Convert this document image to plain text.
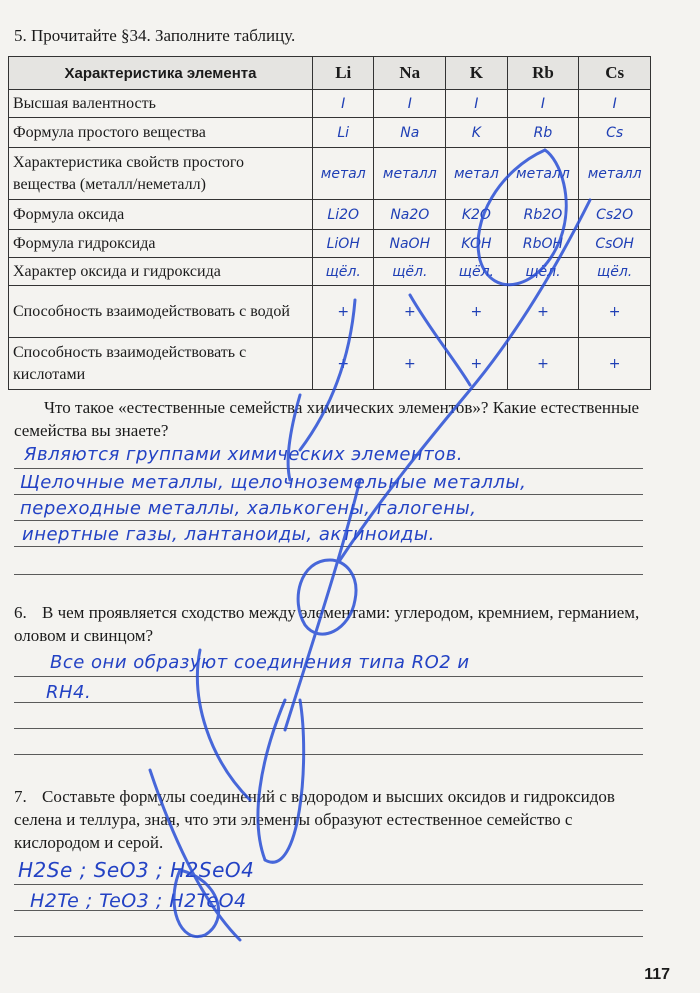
5. Прочитайте §34. Заполните таблицу.
Характеристика элемента	Li	Na	K	Rb	Cs
Высшая валентность	I	I	I	I	I
Формула простого вещества	Li	Na	K	Rb	Cs
Характеристика свойств простого вещества (металл/неметалл)	метал	металл	метал	металл	металл
Формула оксида	Li2O	Na2O	K2O	Rb2O	Cs2O
Формула гидроксида	LiOH	NaOH	KOH	RbOH	CsOH
Характер оксида и гидроксида	щёл.	щёл.	щёл.	щёл.	щёл.
Способность взаимодействовать с водой	+	+	+	+	+
Способность взаимодействовать с кислотами	+	+	+	+	+
Что такое «естественные семейства химических элементов»? Какие естественные семейства вы знаете?
Являются группами химических элементов.
Щелочные металлы, щелочноземельные металлы,
переходные металлы, халькогены, галогены,
инертные газы, лантаноиды, актиноиды.
6. В чем проявляется сходство между элементами: углеродом, кремнием, германием, оловом и свинцом?
Все они образуют соединения типа RO2 и
RH4.
7. Составьте формулы соединений с водородом и высших оксидов и гидроксидов селена и теллура, зная, что эти элементы образуют естественное семейство с кислородом и серой.
H2Se ; SeO3 ; H2SeO4
H2Te ; TeO3 ; H2TeO4
117
